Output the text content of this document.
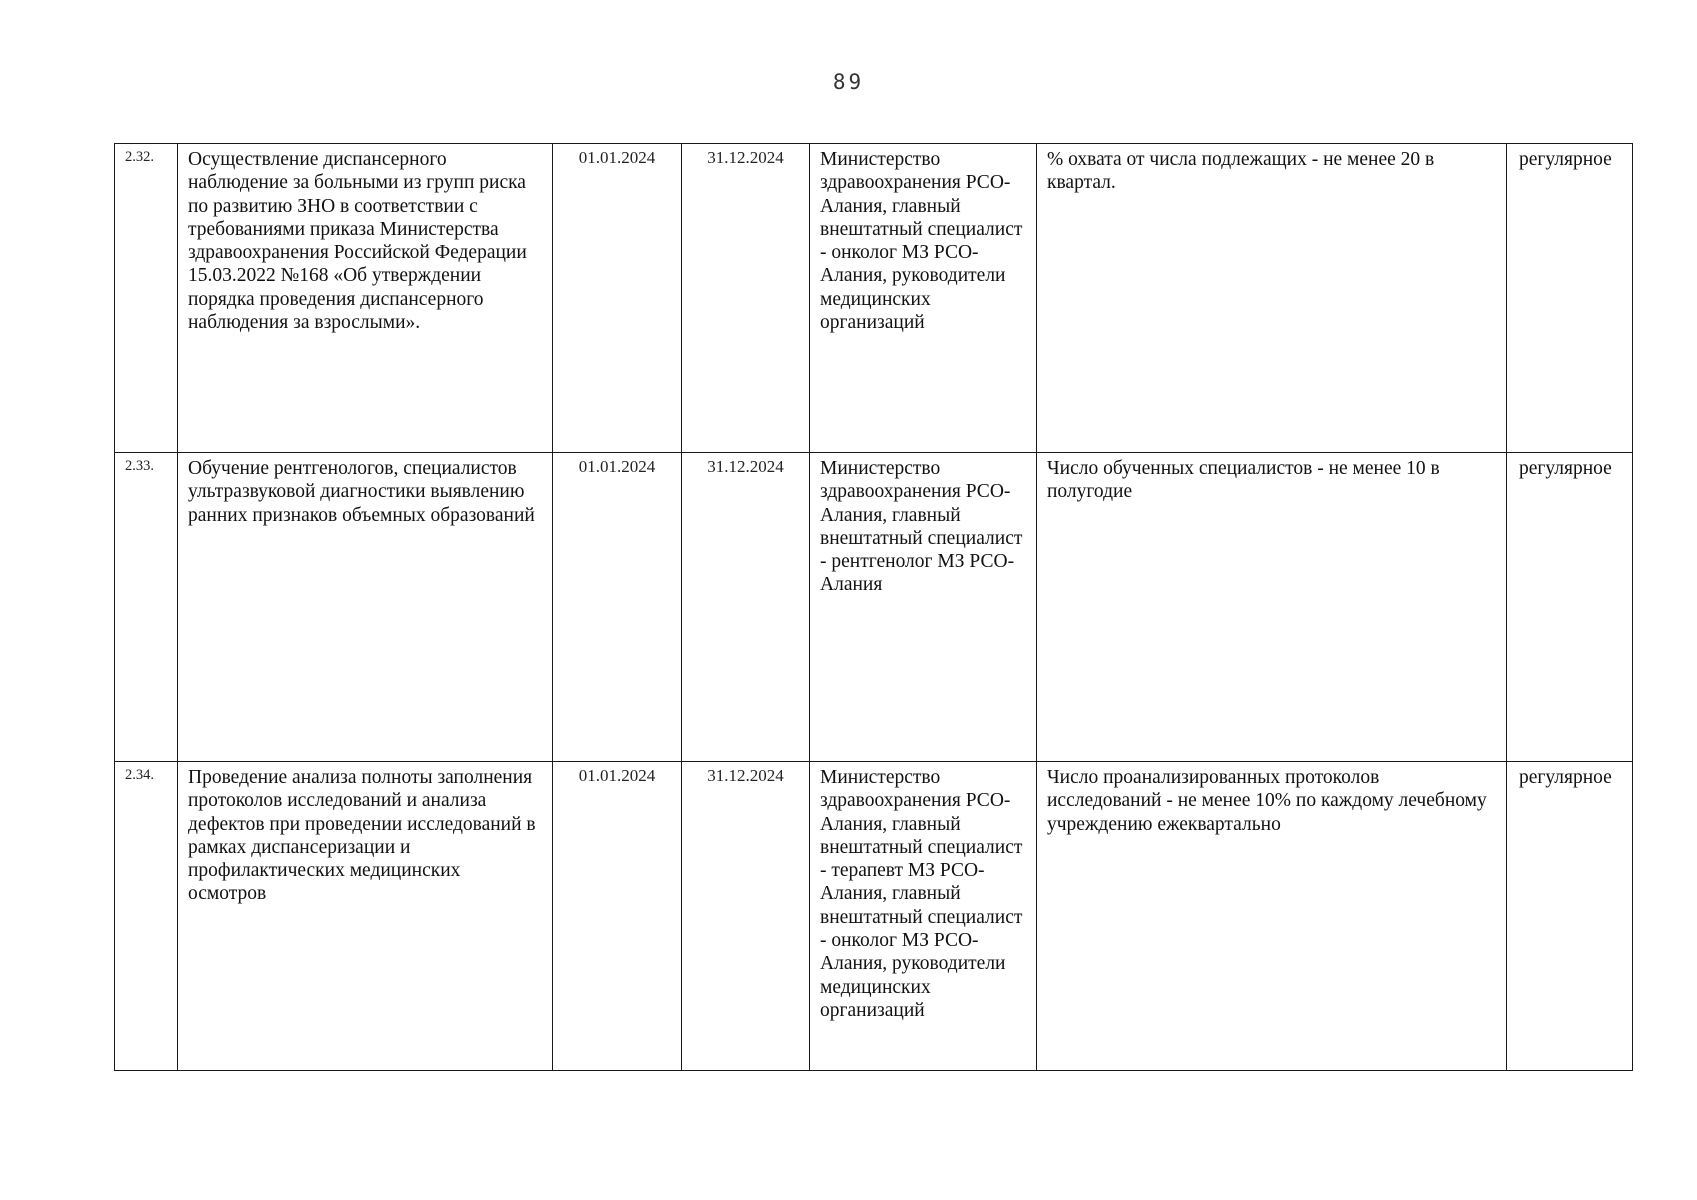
89
2.32.	Осуществление диспансерного наблюдение за больными из групп риска по развитию ЗНО в соответствии с требованиями приказа Министерства здравоохранения Российской Федерации 15.03.2022 №168 «Об утверждении порядка проведения диспансерного наблюдения за взрослыми».	01.01.2024	31.12.2024	Министерство здравоохранения РСО-Алания, главный внештатный специалист - онколог МЗ РСО-Алания, руководители медицинских организаций	% охвата от числа подлежащих - не менее 20 в квартал.	регулярное
2.33.	Обучение рентгенологов, специалистов ультразвуковой диагностики выявлению ранних признаков объемных образований	01.01.2024	31.12.2024	Министерство здравоохранения РСО-Алания, главный внештатный специалист - рентгенолог МЗ РСО-Алания	Число обученных специалистов - не менее 10 в полугодие	регулярное
2.34.	Проведение анализа полноты заполнения протоколов исследований и анализа дефектов при проведении исследований в рамках диспансеризации и профилактических медицинских осмотров	01.01.2024	31.12.2024	Министерство здравоохранения РСО-Алания, главный внештатный специалист - терапевт МЗ РСО-Алания, главный внештатный специалист - онколог МЗ РСО-Алания, руководители медицинских организаций	Число проанализированных протоколов исследований - не менее 10% по каждому лечебному учреждению ежеквартально	регулярное
